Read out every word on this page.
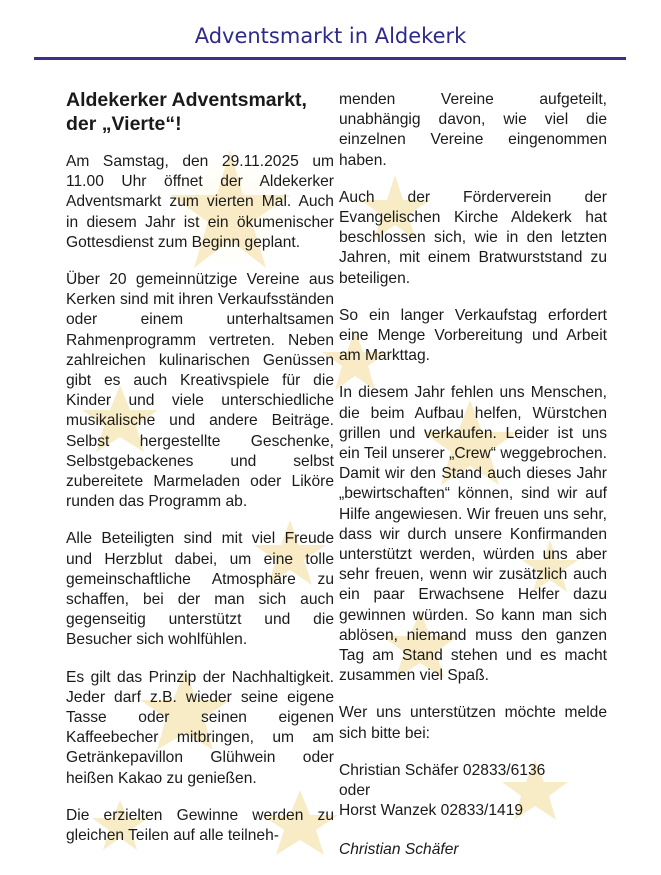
Adventsmarkt in Aldekerk
Aldekerker Adventsmarkt,
der „Vierte“!

Am Samstag, den 29.11.2025 um 11.00 Uhr öffnet der Aldekerker Adventsmarkt zum vierten Mal. Auch in diesem Jahr ist ein ökumenischer Gottesdienst zum Beginn geplant.

Über 20 gemeinnützige Vereine aus Kerken sind mit ihren Verkaufsständen oder einem unterhaltsamen Rahmenprogramm vertreten. Neben zahlreichen kulinarischen Genüssen gibt es auch Kreativspiele für die Kinder und viele unterschiedliche musikalische und andere Beiträge. Selbst hergestellte Geschenke, Selbstgebackenes und selbst zubereitete Marmeladen oder Liköre runden das Programm ab.

Alle Beteiligten sind mit viel Freude und Herzblut dabei, um eine tolle gemeinschaftliche Atmosphäre zu schaffen, bei der man sich auch gegenseitig unterstützt und die Besucher sich wohlfühlen.

Es gilt das Prinzip der Nachhaltigkeit. Jeder darf z.B. wieder seine eigene Tasse oder seinen eigenen Kaffeebecher mitbringen, um am Getränkepavillon Glühwein oder heißen Kakao zu genießen.

Die erzielten Gewinne werden zu gleichen Teilen auf alle teilneh-

menden Vereine aufgeteilt, unabhängig davon, wie viel die einzelnen Vereine eingenommen haben.

Auch der Förderverein der Evangelischen Kirche Aldekerk hat beschlossen sich, wie in den letzten Jahren, mit einem Bratwurststand zu beteiligen.

So ein langer Verkaufstag erfordert eine Menge Vorbereitung und Arbeit am Markttag.

In diesem Jahr fehlen uns Menschen, die beim Aufbau helfen, Würstchen grillen und verkaufen. Leider ist uns ein Teil unserer „Crew“ weggebrochen. Damit wir den Stand auch dieses Jahr „bewirtschaften“ können, sind wir auf Hilfe angewiesen. Wir freuen uns sehr, dass wir durch unsere Konfirmanden unterstützt werden, würden uns aber sehr freuen, wenn wir zusätzlich auch ein paar Erwachsene Helfer dazu gewinnen würden. So kann man sich ablösen, niemand muss den ganzen Tag am Stand stehen und es macht zusammen viel Spaß.

Wer uns unterstützen möchte melde sich bitte bei:

Christian Schäfer 02833/6136

oder

Horst Wanzek 02833/1419

Christian Schäfer
